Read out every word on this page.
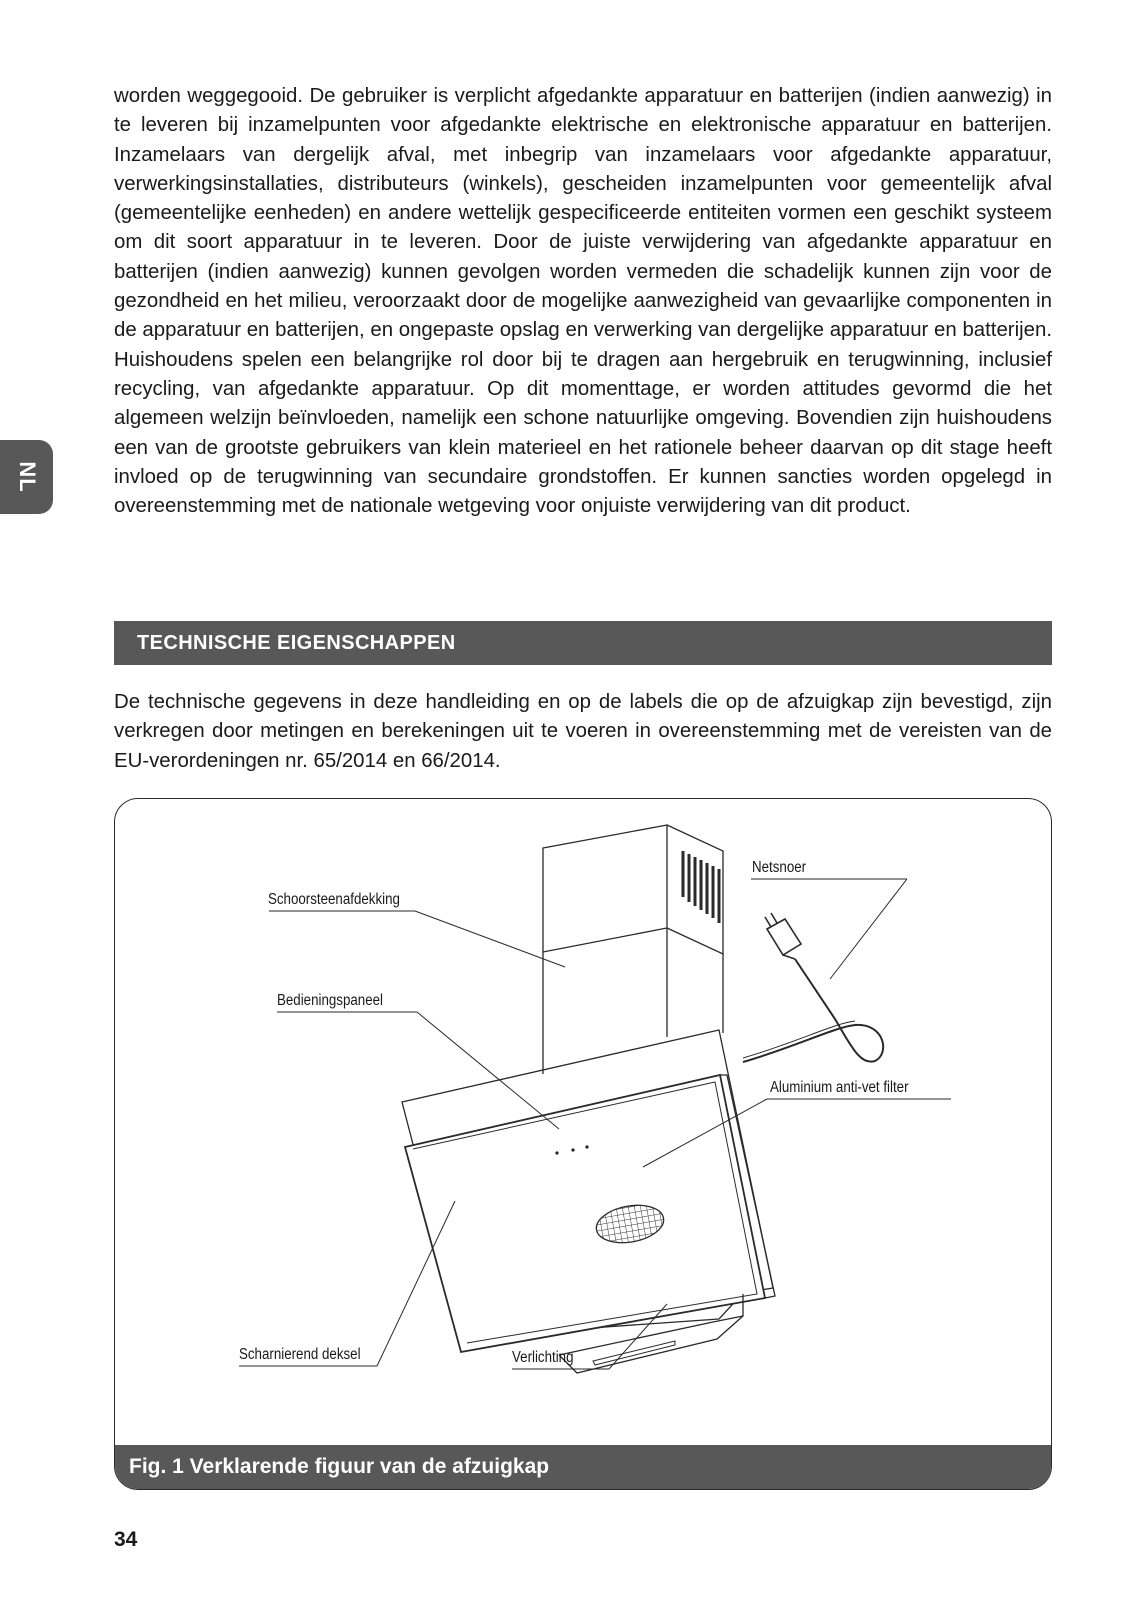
NL

worden weggegooid. De gebruiker is verplicht afgedankte apparatuur en batterijen (indien aanwezig) in te leveren bij inzamelpunten voor afgedankte elektrische en elektronische apparatuur en batterijen. Inzamelaars van dergelijk afval, met inbegrip van inzamelaars voor afgedankte apparatuur, verwerkingsinstallaties, distributeurs (winkels), gescheiden inzamelpunten voor gemeentelijk afval (gemeentelijke eenheden) en andere wettelijk gespecificeerde entiteiten vormen een geschikt systeem om dit soort apparatuur in te leveren. Door de juiste verwijdering van afgedankte apparatuur en batterijen (indien aanwezig) kunnen gevolgen worden vermeden die schadelijk kunnen zijn voor de gezondheid en het milieu, veroorzaakt door de mogelijke aanwezigheid van gevaarlijke componenten in de apparatuur en batterijen, en ongepaste opslag en verwerking van dergelijke apparatuur en batterijen. Huishoudens spelen een belangrijke rol door bij te dragen aan hergebruik en terugwinning, inclusief recycling, van afgedankte apparatuur. Op dit momenttage, er worden attitudes gevormd die het algemeen welzijn beïnvloeden, namelijk een schone natuurlijke omgeving. Bovendien zijn huishoudens een van de grootste gebruikers van klein materieel en het rationele beheer daarvan op dit stage heeft invloed op de terugwinning van secundaire grondstoffen. Er kunnen sancties worden opgelegd in overeenstemming met de nationale wetgeving voor onjuiste verwijdering van dit product.

TECHNISCHE EIGENSCHAPPEN

De technische gegevens in deze handleiding en op de labels die op de afzuigkap zijn bevestigd, zijn verkregen door metingen en berekeningen uit te voeren in overeenstemming met de vereisten van de EU-verordeningen nr. 65/2014 en 66/2014.

Schoorsteenafdekking
Netsnoer
Bedieningspaneel
Aluminium anti-vet filter
Scharnierend deksel	Verlichting
Fig. 1 Verklarende figuur van de afzuigkap
34
